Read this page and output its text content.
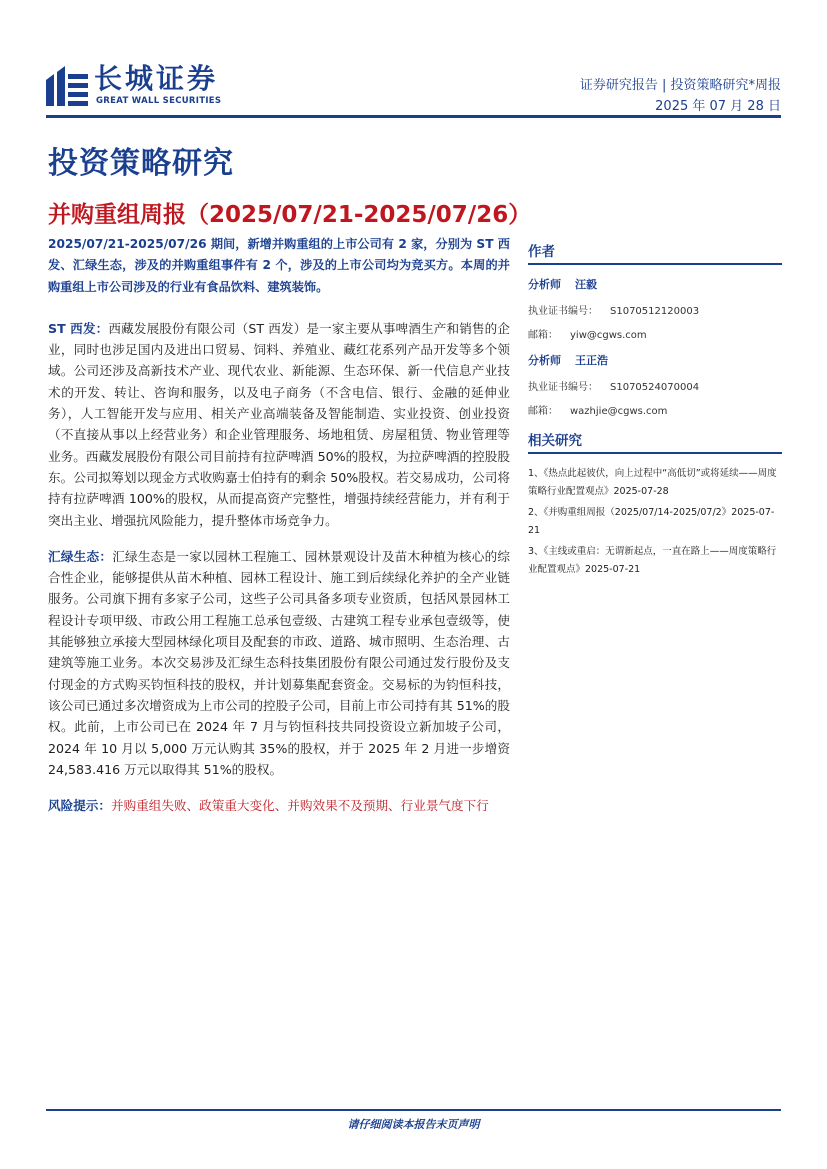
长城证券
GREAT WALL SECURITIES
证券研究报告 | 投资策略研究*周报
2025 年 07 月 28 日
投资策略研究
并购重组周报（2025/07/21-2025/07/26）

2025/07/21-2025/07/26 期间，新增并购重组的上市公司有 2 家，分别为 ST 西发、汇绿生态，涉及的并购重组事件有 2 个，涉及的上市公司均为竞买方。本周的并购重组上市公司涉及的行业有食品饮料、建筑装饰。

ST 西发：西藏发展股份有限公司（ST 西发）是一家主要从事啤酒生产和销售的企业，同时也涉足国内及进出口贸易、饲料、养殖业、藏红花系列产品开发等多个领域。公司还涉及高新技术产业、现代农业、新能源、生态环保、新一代信息产业技术的开发、转让、咨询和服务，以及电子商务（不含电信、银行、金融的延伸业务），人工智能开发与应用、相关产业高端装备及智能制造、实业投资、创业投资（不直接从事以上经营业务）和企业管理服务、场地租赁、房屋租赁、物业管理等业务。西藏发展股份有限公司目前持有拉萨啤酒 50%的股权，为拉萨啤酒的控股股东。公司拟筹划以现金方式收购嘉士伯持有的剩余 50%股权。若交易成功，公司将持有拉萨啤酒 100%的股权，从而提高资产完整性，增强持续经营能力，并有利于突出主业、增强抗风险能力，提升整体市场竞争力。

汇绿生态：汇绿生态是一家以园林工程施工、园林景观设计及苗木种植为核心的综合性企业，能够提供从苗木种植、园林工程设计、施工到后续绿化养护的全产业链服务。公司旗下拥有多家子公司，这些子公司具备多项专业资质，包括风景园林工程设计专项甲级、市政公用工程施工总承包壹级、古建筑工程专业承包壹级等，使其能够独立承接大型园林绿化项目及配套的市政、道路、城市照明、生态治理、古建筑等施工业务。本次交易涉及汇绿生态科技集团股份有限公司通过发行股份及支付现金的方式购买钧恒科技的股权，并计划募集配套资金。交易标的为钧恒科技，该公司已通过多次增资成为上市公司的控股子公司，目前上市公司持有其 51%的股权。此前，上市公司已在 2024 年 7 月与钧恒科技共同投资设立新加坡子公司，2024 年 10 月以 5,000 万元认购其 35%的股权，并于 2025 年 2 月进一步增资 24,583.416 万元以取得其 51%的股权。

风险提示：并购重组失败、政策重大变化、并购效果不及预期、行业景气度下行

作者

分析师 汪毅

执业证书编号： S1070512120003

邮箱： yiw@cgws.com

分析师 王正浩

执业证书编号： S1070524070004

邮箱： wazhjie@cgws.com

相关研究

1、《热点此起彼伏，向上过程中“高低切”或将延续——周度策略行业配置观点》2025-07-28

2、《并购重组周报（2025/07/14-2025/07/2》2025-07-21

3、《主线或重启：无谓新起点，一直在路上——周度策略行业配置观点》2025-07-21

请仔细阅读本报告末页声明
